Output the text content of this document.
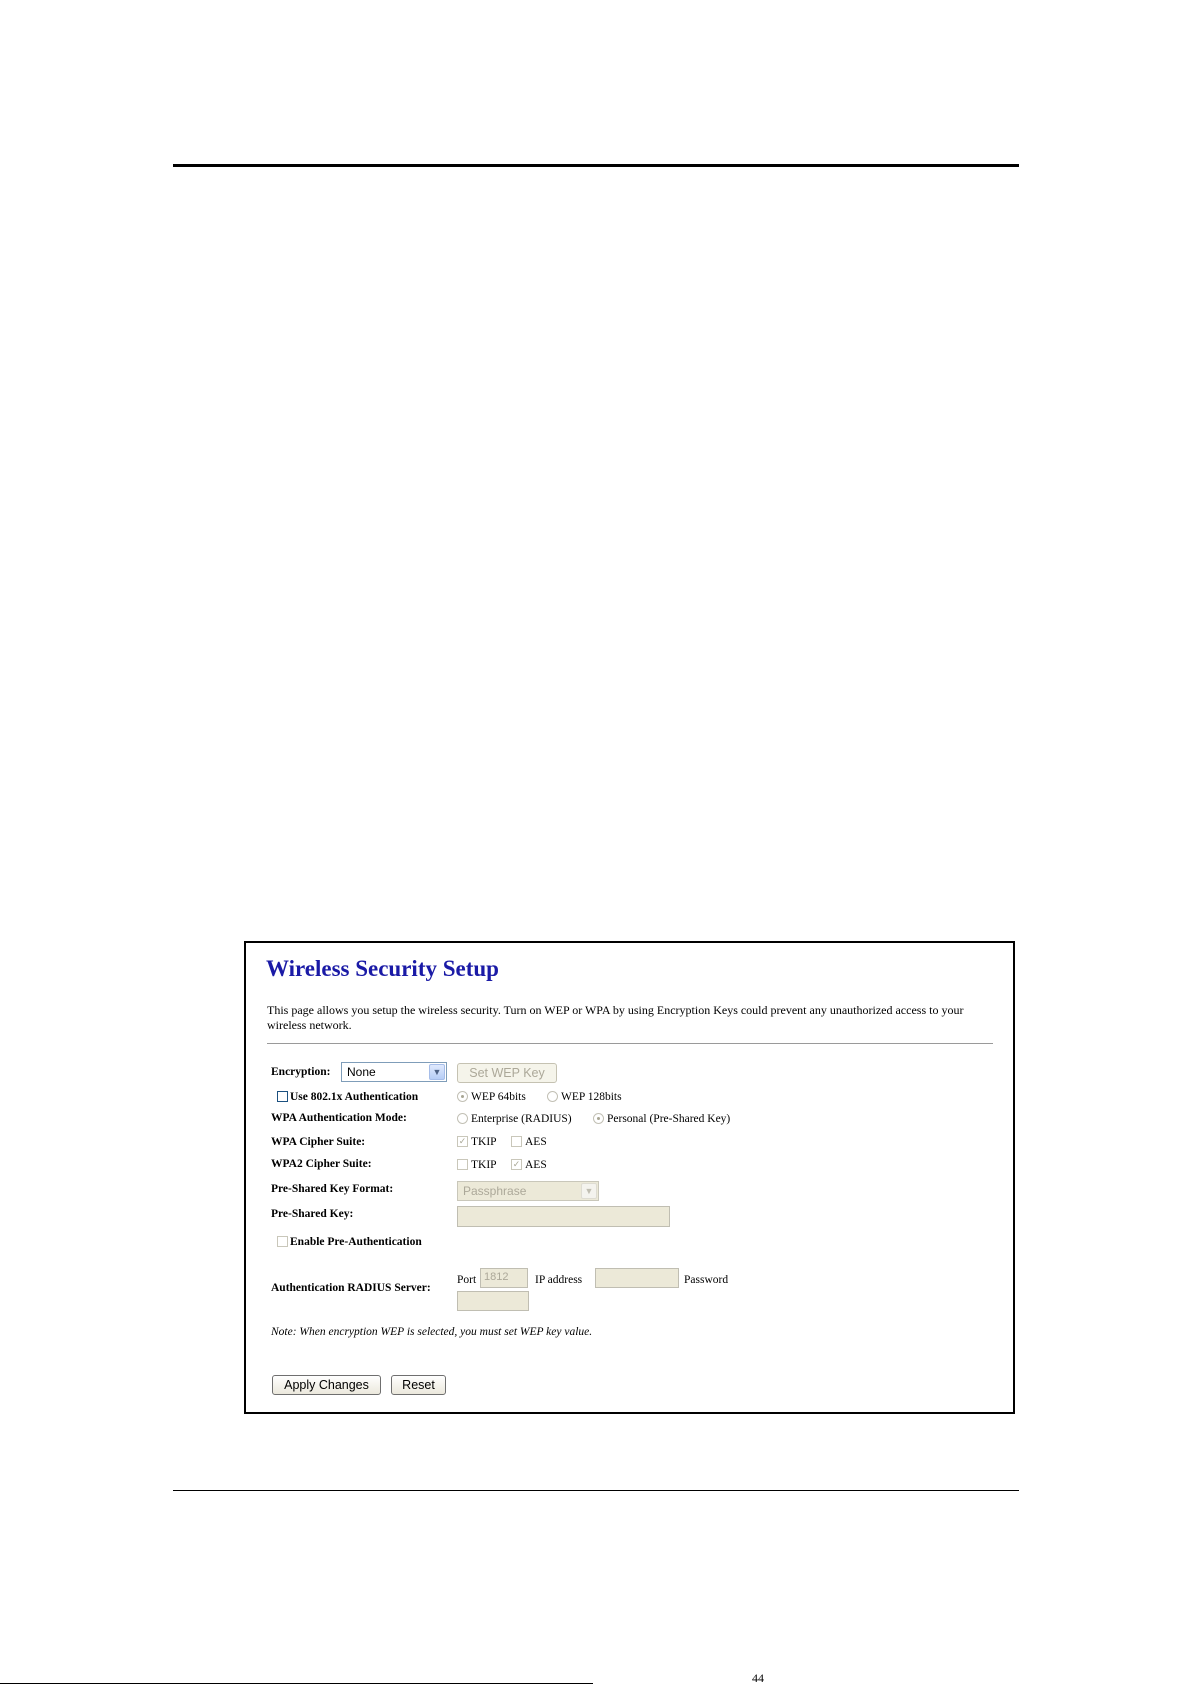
Wireless Security Setup
This page allows you setup the wireless security. Turn on WEP or WPA by using Encryption Keys could prevent any unauthorized access to your wireless network.
Encryption:	None	▼	Set WEP Key
Use 802.1x Authentication	WEP 64bits	WEP 128bits
WPA Authentication Mode:	Enterprise (RADIUS)	Personal (Pre-Shared Key)
WPA Cipher Suite:	✓ TKIP AES
WPA2 Cipher Suite:	TKIP ✓ AES
Pre-Shared Key Format:	Passphrase	▼
Pre-Shared Key:
Enable Pre-Authentication
Authentication RADIUS Server:
Port 1812	IP address	Password
Note: When encryption WEP is selected, you must set WEP key value.
Apply Changes	Reset
44
